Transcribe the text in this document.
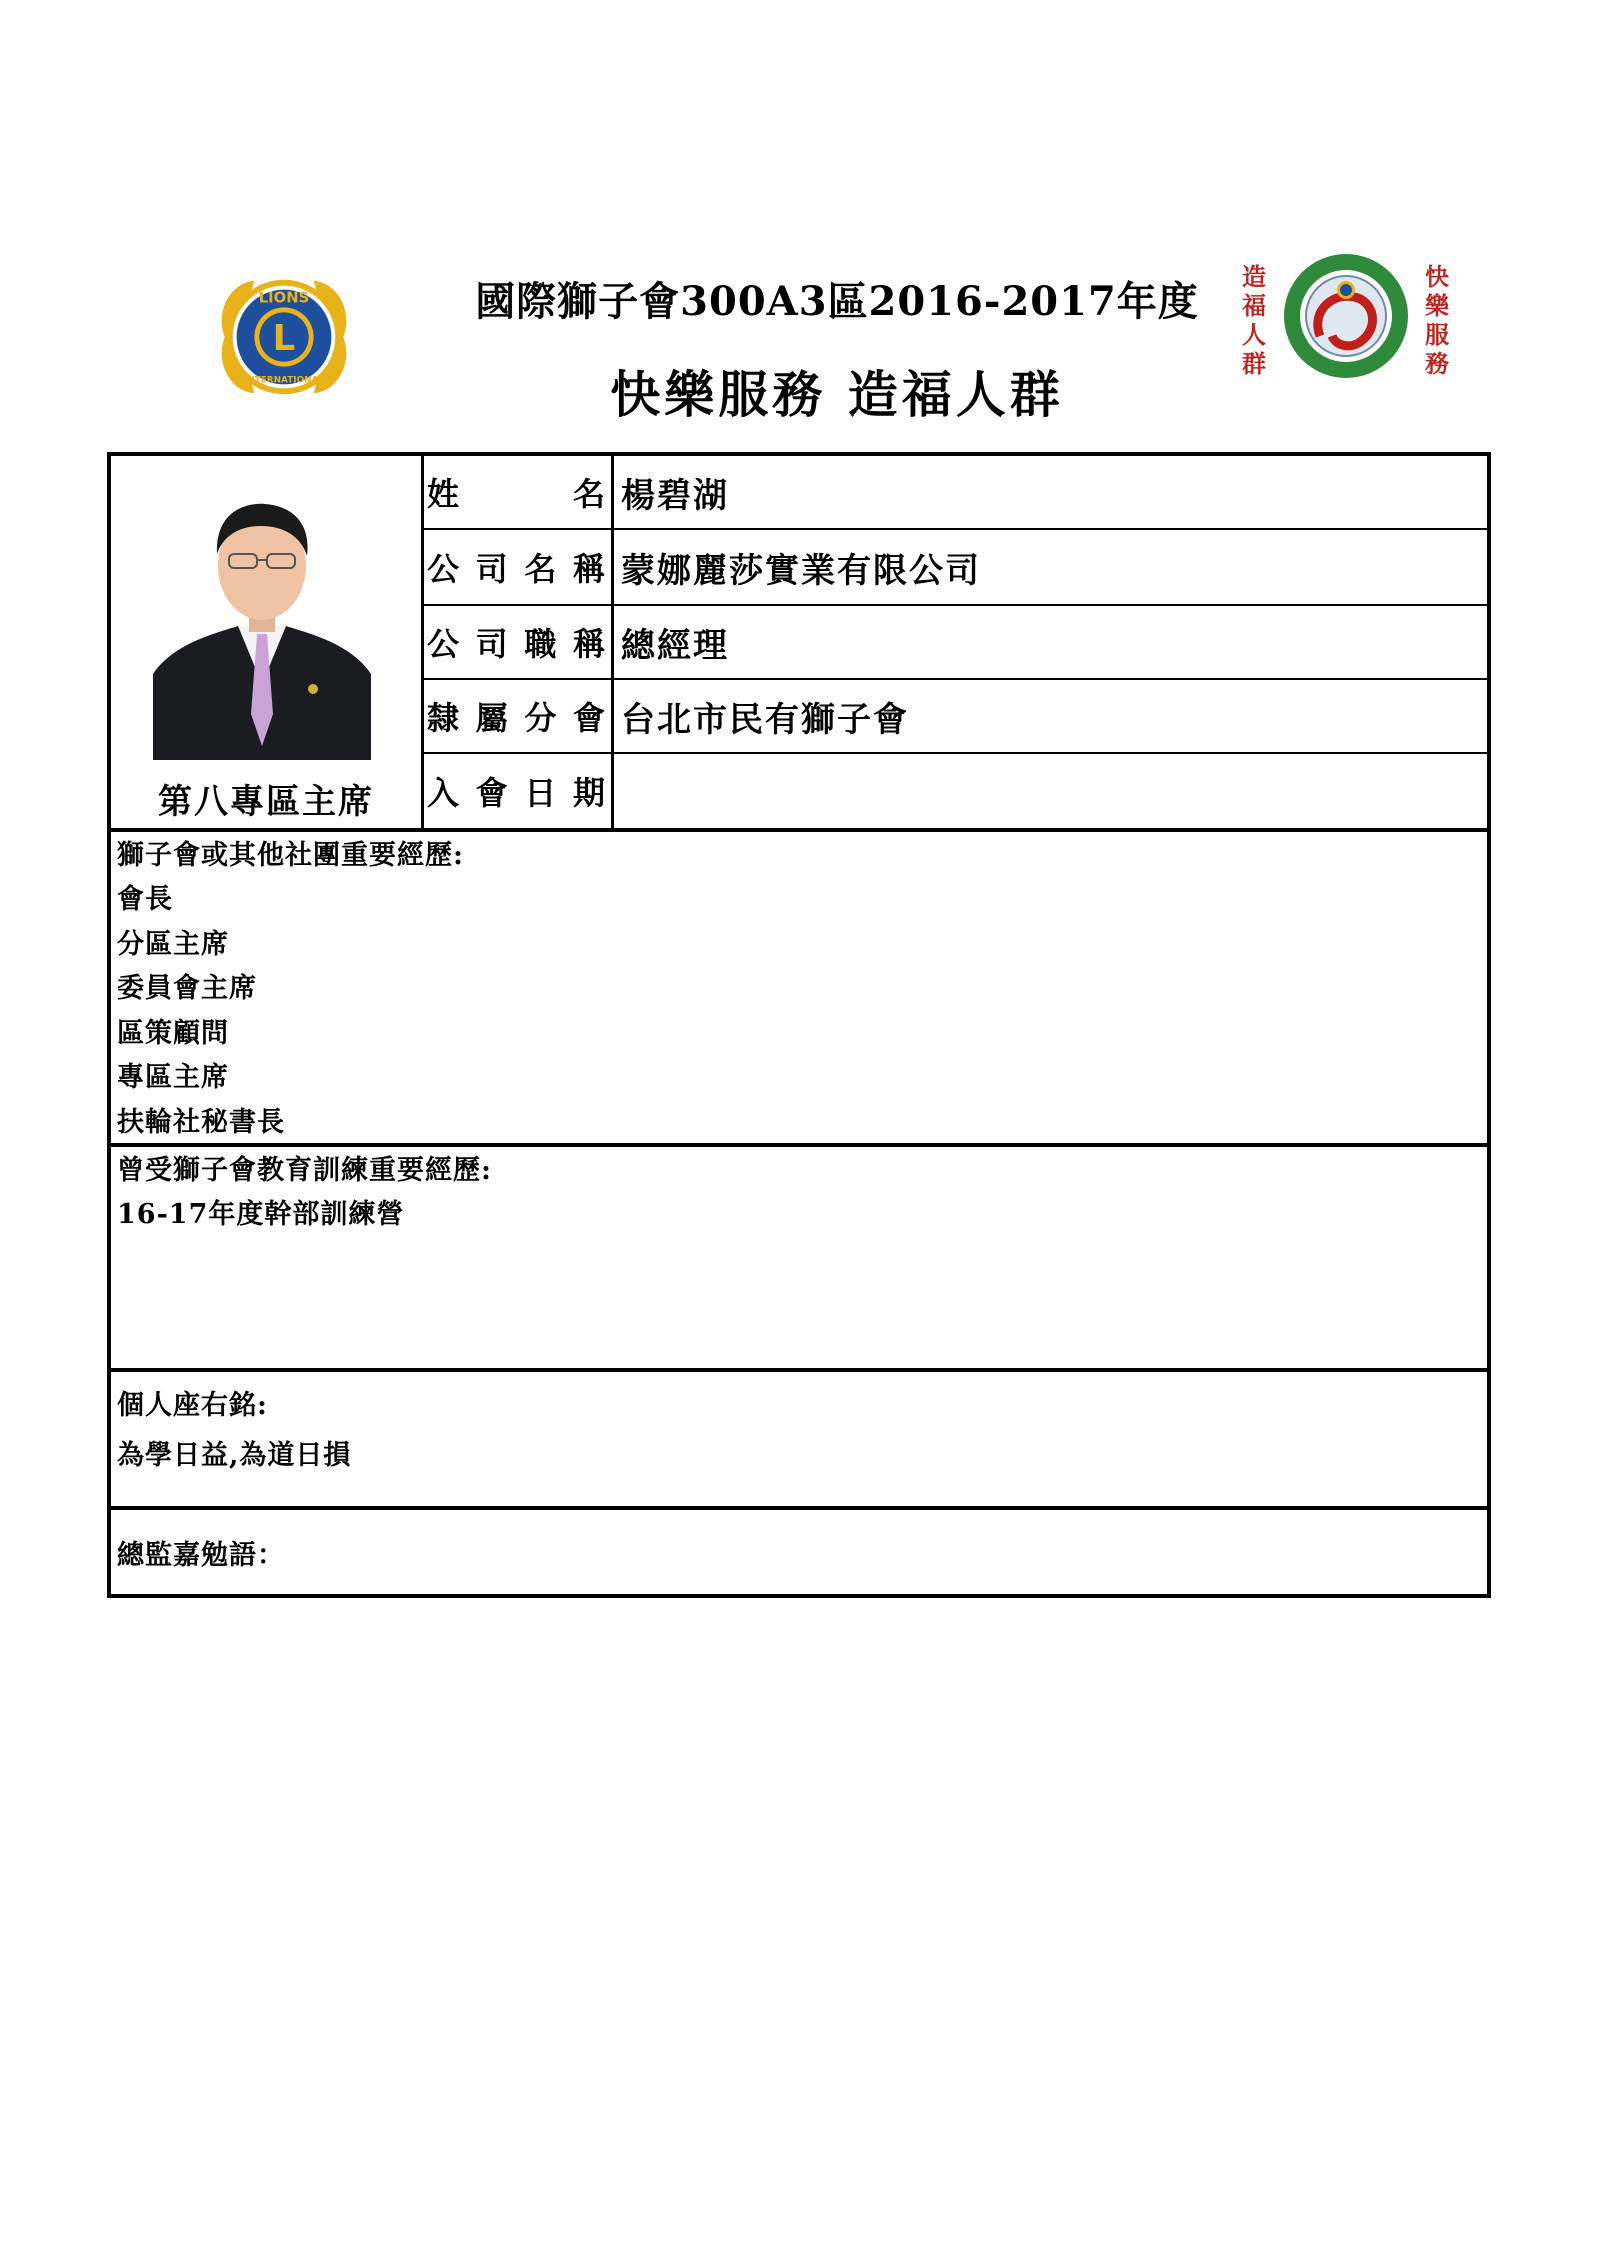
L
LIONS
INTERNATIONAL
國際獅子會300A3區2016-2017年度
快樂服務 造福人群
造福人群
快樂服務
第八專區主席
姓	名 楊碧湖
公 司 名 稱 蒙娜麗莎實業有限公司
公 司 職 稱 總經理
隸 屬 分 會 台北市民有獅子會
入 會 日 期
獅子會或其他社團重要經歷:
會長
分區主席
委員會主席
區策顧問
專區主席
扶輪社秘書長
曾受獅子會教育訓練重要經歷:
16-17年度幹部訓練營
個人座右銘:
為學日益,為道日損
總監嘉勉語：
